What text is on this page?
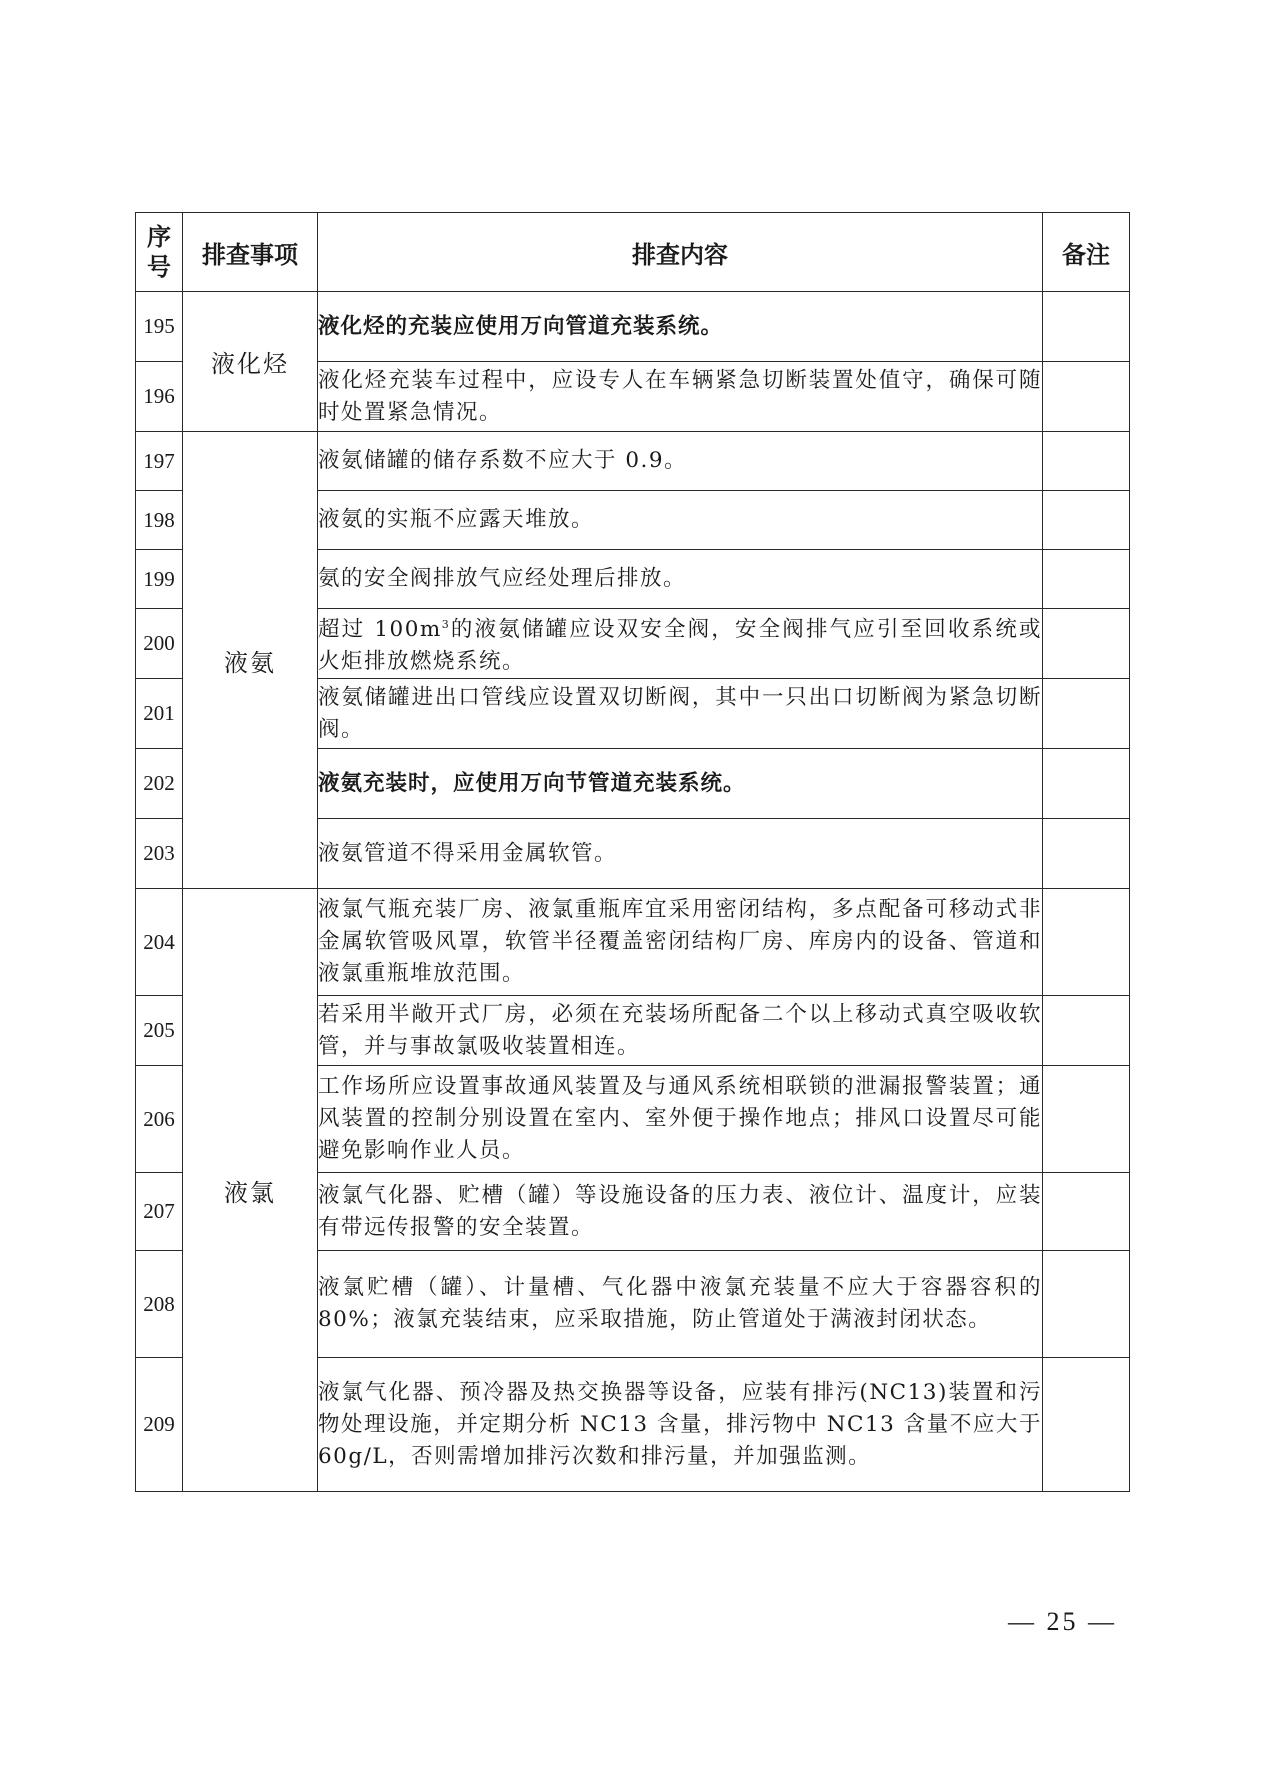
序
号	排查事项	排查内容	备注
195	液化烃	液化烃的充装应使用万向管道充装系统。	
196		液化烃充装车过程中，应设专人在车辆紧急切断装置处值守，确保可随时处置紧急情况。	
197	液氨	液氨储罐的储存系数不应大于 0.9。	
198		液氨的实瓶不应露天堆放。	
199		氨的安全阀排放气应经处理后排放。	
200		超过 $100m^3$的液氨储罐应设双安全阀，安全阀排气应引至回收系统或火炬排放燃烧系统。	
201		液氨储罐进出口管线应设置双切断阀，其中一只出口切断阀为紧急切断阀。	
202		液氨充装时，应使用万向节管道充装系统。	
203		液氨管道不得采用金属软管。	
204	液氯	液氯气瓶充装厂房、液氯重瓶库宜采用密闭结构，多点配备可移动式非金属软管吸风罩，软管半径覆盖密闭结构厂房、库房内的设备、管道和液氯重瓶堆放范围。	
205		若采用半敞开式厂房，必须在充装场所配备二个以上移动式真空吸收软管，并与事故氯吸收装置相连。	
206		工作场所应设置事故通风装置及与通风系统相联锁的泄漏报警装置；通风装置的控制分别设置在室内、室外便于操作地点；排风口设置尽可能避免影响作业人员。	
207		液氯气化器、贮槽（罐）等设施设备的压力表、液位计、温度计，应装有带远传报警的安全装置。	
208		液氯贮槽（罐）、计量槽、气化器中液氯充装量不应大于容器容积的 80%；液氯充装结束，应采取措施，防止管道处于满液封闭状态。	
209		液氯气化器、预冷器及热交换器等设备，应装有排污(NC13)装置和污物处理设施，并定期分析 NC13 含量，排污物中 NC13 含量不应大于 60g/L，否则需增加排污次数和排污量，并加强监测。	
— 25 —
